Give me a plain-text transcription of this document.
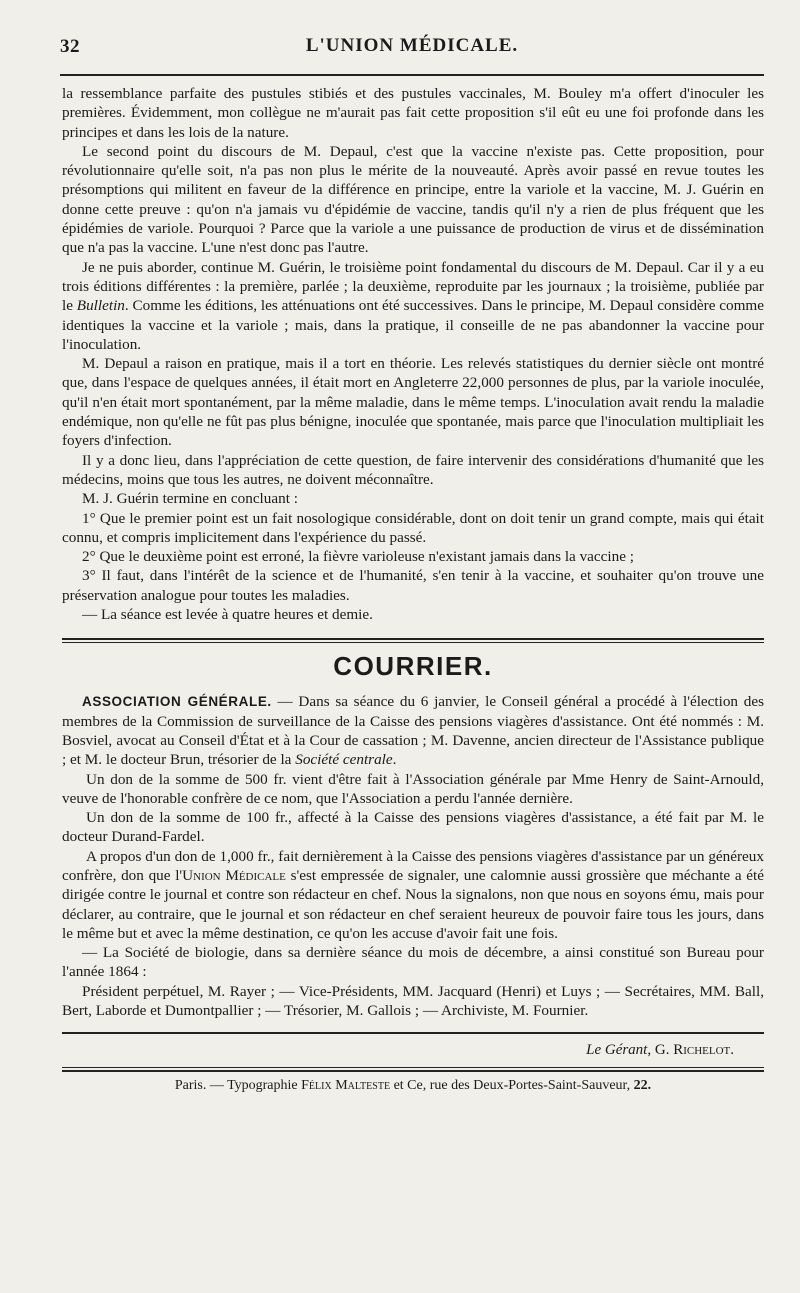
32	L'UNION MÉDICALE.

la ressemblance parfaite des pustules stibiés et des pustules vaccinales, M. Bouley m'a offert d'inoculer les premières. Évidemment, mon collègue ne m'aurait pas fait cette proposition s'il eût eu une foi profonde dans les principes et dans les lois de la nature.

Le second point du discours de M. Depaul, c'est que la vaccine n'existe pas. Cette proposition, pour révolutionnaire qu'elle soit, n'a pas non plus le mérite de la nouveauté. Après avoir passé en revue toutes les présomptions qui militent en faveur de la différence en principe, entre la variole et la vaccine, M. J. Guérin en donne cette preuve : qu'on n'a jamais vu d'épidémie de vaccine, tandis qu'il n'y a rien de plus fréquent que les épidémies de variole. Pourquoi ? Parce que la variole a une puissance de production de virus et de dissémination que n'a pas la vaccine. L'une n'est donc pas l'autre.

Je ne puis aborder, continue M. Guérin, le troisième point fondamental du discours de M. Depaul. Car il y a eu trois éditions différentes : la première, parlée ; la deuxième, reproduite par les journaux ; la troisième, publiée par le Bulletin. Comme les éditions, les atténuations ont été successives. Dans le principe, M. Depaul considère comme identiques la vaccine et la variole ; mais, dans la pratique, il conseille de ne pas abandonner la vaccine pour l'inoculation.

M. Depaul a raison en pratique, mais il a tort en théorie. Les relevés statistiques du dernier siècle ont montré que, dans l'espace de quelques années, il était mort en Angleterre 22,000 personnes de plus, par la variole inoculée, qu'il n'en était mort spontanément, par la même maladie, dans le même temps. L'inoculation avait rendu la maladie endémique, non qu'elle ne fût pas plus bénigne, inoculée que spontanée, mais parce que l'inoculation multipliait les foyers d'infection.

Il y a donc lieu, dans l'appréciation de cette question, de faire intervenir des considérations d'humanité que les médecins, moins que tous les autres, ne doivent méconnaître.

M. J. Guérin termine en concluant :

1° Que le premier point est un fait nosologique considérable, dont on doit tenir un grand compte, mais qui était connu, et compris implicitement dans l'expérience du passé.

2° Que le deuxième point est erroné, la fièvre varioleuse n'existant jamais dans la vaccine ;

3° Il faut, dans l'intérêt de la science et de l'humanité, s'en tenir à la vaccine, et souhaiter qu'on trouve une préservation analogue pour toutes les maladies.

— La séance est levée à quatre heures et demie.

COURRIER.

ASSOCIATION GÉNÉRALE. — Dans sa séance du 6 janvier, le Conseil général a procédé à l'élection des membres de la Commission de surveillance de la Caisse des pensions viagères d'assistance. Ont été nommés : M. Bosviel, avocat au Conseil d'État et à la Cour de cassation ; M. Davenne, ancien directeur de l'Assistance publique ; et M. le docteur Brun, trésorier de la Société centrale.

Un don de la somme de 500 fr. vient d'être fait à l'Association générale par Mme Henry de Saint-Arnould, veuve de l'honorable confrère de ce nom, que l'Association a perdu l'année dernière.

Un don de la somme de 100 fr., affecté à la Caisse des pensions viagères d'assistance, a été fait par M. le docteur Durand-Fardel.

A propos d'un don de 1,000 fr., fait dernièrement à la Caisse des pensions viagères d'assistance par un généreux confrère, don que l'Union Médicale s'est empressée de signaler, une calomnie aussi grossière que méchante a été dirigée contre le journal et contre son rédacteur en chef. Nous la signalons, non que nous en soyons ému, mais pour déclarer, au contraire, que le journal et son rédacteur en chef seraient heureux de pouvoir faire tous les jours, dans le même but et avec la même destination, ce qu'on les accuse d'avoir fait une fois.

— La Société de biologie, dans sa dernière séance du mois de décembre, a ainsi constitué son Bureau pour l'année 1864 :

Président perpétuel, M. Rayer ; — Vice-Présidents, MM. Jacquard (Henri) et Luys ; — Secrétaires, MM. Ball, Bert, Laborde et Dumontpallier ; — Trésorier, M. Gallois ; — Archiviste, M. Fournier.

Le Gérant, G. Richelot.
Paris. — Typographie Félix Malteste et Ce, rue des Deux-Portes-Saint-Sauveur, 22.
